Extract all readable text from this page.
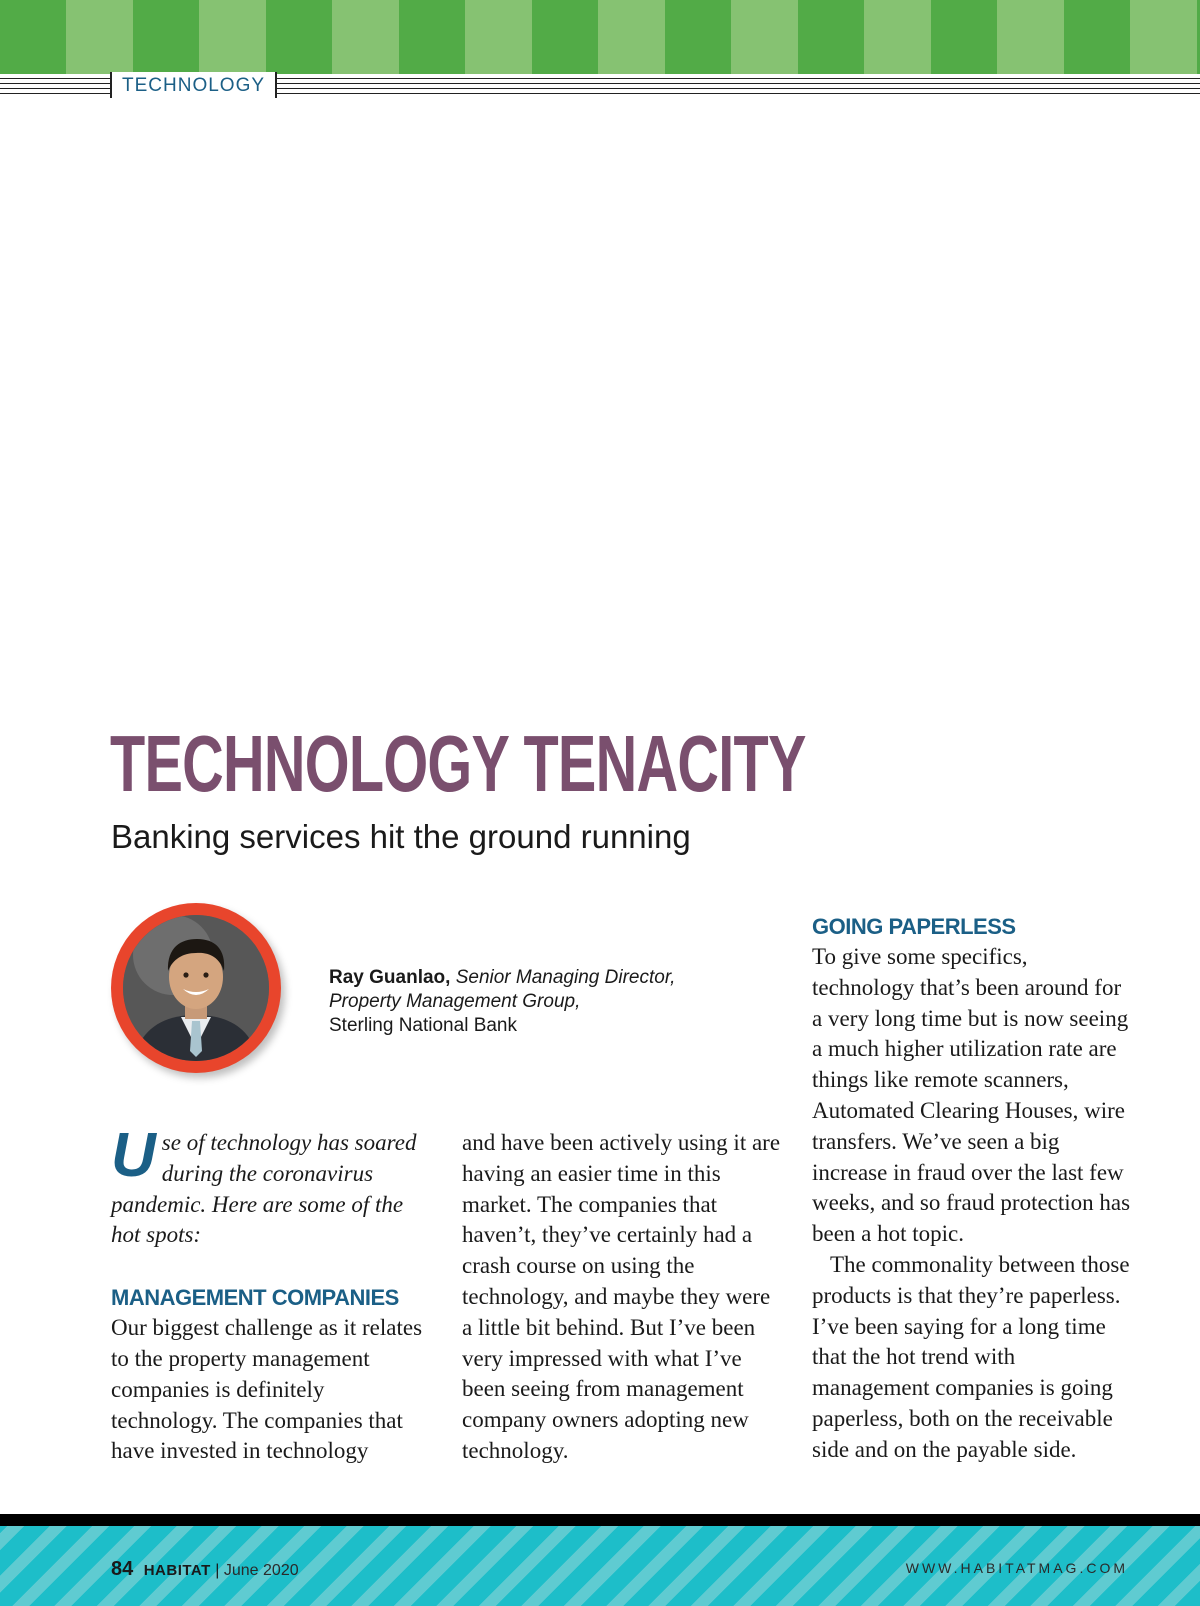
TECHNOLOGY
TECHNOLOGY TENACITY
Banking services hit the ground running
Ray Guanlao, Senior Managing Director,
Property Management Group,
Sterling National Bank

Use of technology has soared during the coronavirus pandemic. Here are some of the hot spots:

MANAGEMENT COMPANIES

Our biggest challenge as it relates to the property management companies is definitely technology. The companies that have invested in technology

and have been actively using it are having an easier time in this market. The companies that haven’t, they’ve certainly had a crash course on using the technology, and maybe they were a little bit behind. But I’ve been very impressed with what I’ve been seeing from management company owners adopting new technology.

GOING PAPERLESS

To give some specifics, technology that’s been around for a very long time but is now seeing a much higher utilization rate are things like remote scanners, Automated Clearing Houses, wire transfers. We’ve seen a big increase in fraud over the last few weeks, and so fraud protection has been a hot topic.

The commonality between those products is that they’re paperless. I’ve been saying for a long time that the hot trend with management companies is going paperless, both on the receivable side and on the payable side.

84 HABITAT | June 2020	WWW.HABITATMAG.COM
